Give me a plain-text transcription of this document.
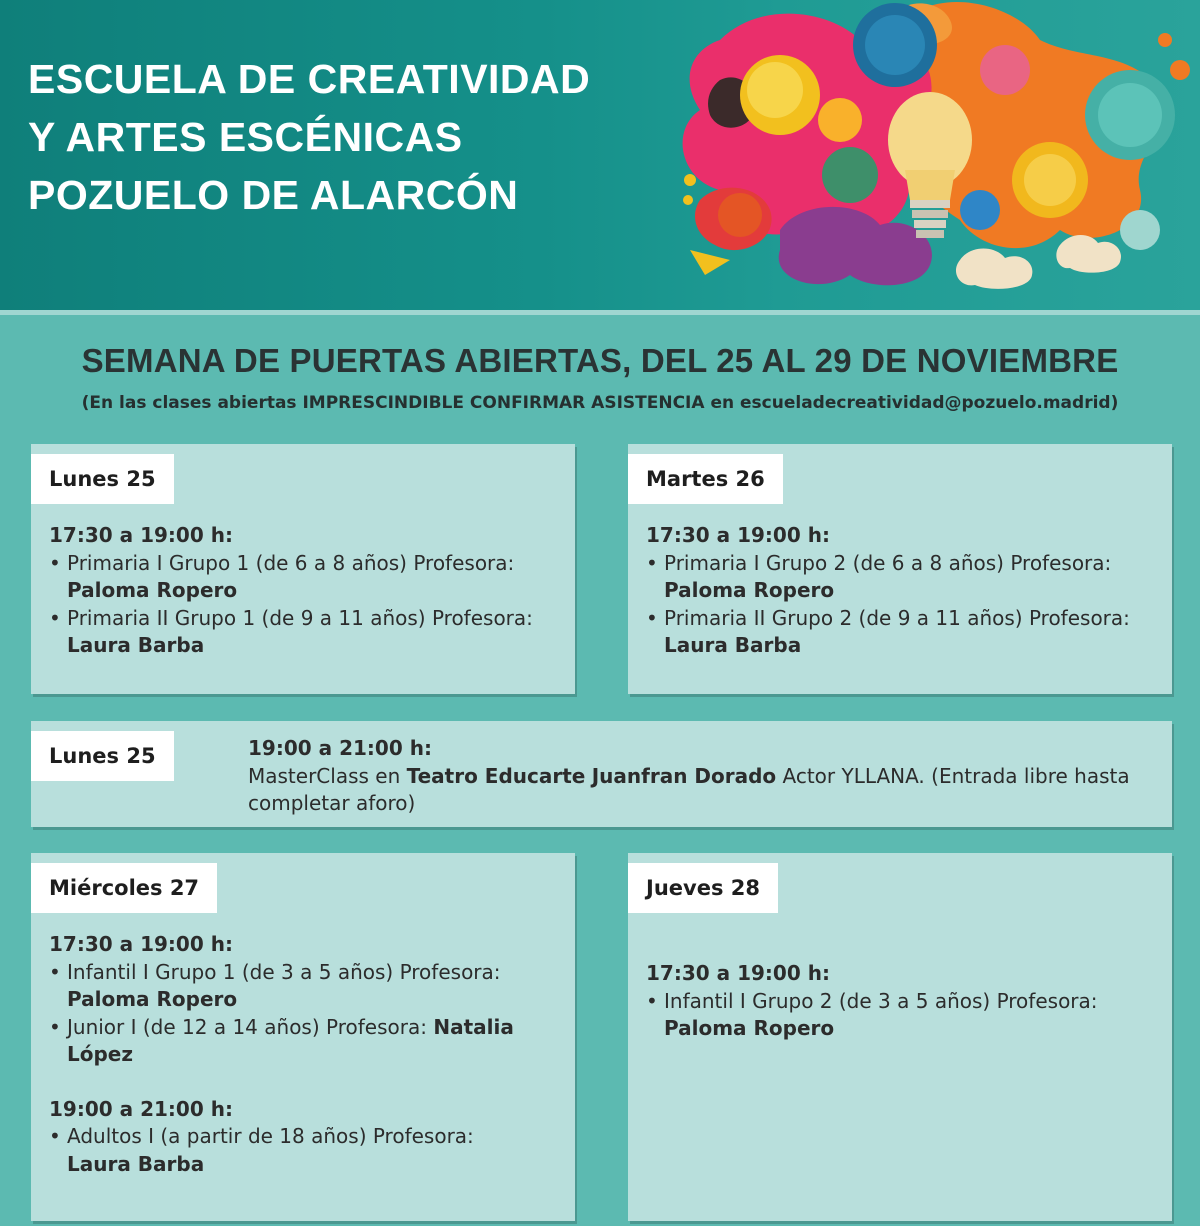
ESCUELA DE CREATIVIDAD
Y ARTES ESCÉNICAS
POZUELO DE ALARCÓN
SEMANA DE PUERTAS ABIERTAS, DEL 25 AL 29 DE NOVIEMBRE
(En las clases abiertas IMPRESCINDIBLE CONFIRMAR ASISTENCIA en escueladecreatividad@pozuelo.madrid)
Lunes 25
17:30 a 19:00 h:
• Primaria I Grupo 1 (de 6 a 8 años) Profesora:
Paloma Ropero
• Primaria II Grupo 1 (de 9 a 11 años) Profesora:
Laura Barba
Martes 26
17:30 a 19:00 h:
• Primaria I Grupo 2 (de 6 a 8 años) Profesora:
Paloma Ropero
• Primaria II Grupo 2 (de 9 a 11 años) Profesora:
Laura Barba
Lunes 25	19:00 a 21:00 h:
MasterClass en Teatro Educarte Juanfran Dorado Actor YLLANA. (Entrada libre hasta completar aforo)
Miércoles 27
17:30 a 19:00 h:
• Infantil I Grupo 1 (de 3 a 5 años) Profesora:
Paloma Ropero
• Junior I (de 12 a 14 años) Profesora: Natalia López
19:00 a 21:00 h:
• Adultos I (a partir de 18 años) Profesora:
Laura Barba
Jueves 28
17:30 a 19:00 h:
• Infantil I Grupo 2 (de 3 a 5 años) Profesora:
Paloma Ropero
